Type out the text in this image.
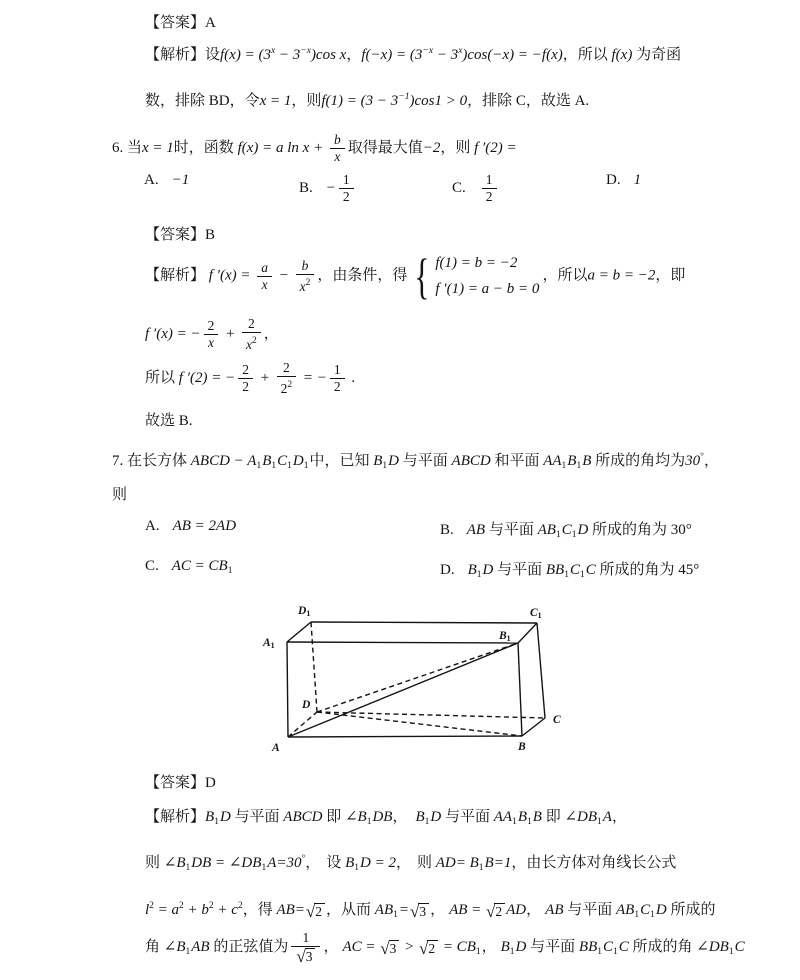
【答案】A
【解析】设$f(x) = (3^x - 3^{-x})\cos$ x，$f(-x) = (3^{-x} - 3^x)\cos(-x) = -f(x)$，所以 f(x) 为奇函
数，排除 BD，令x = 1，则$f(1) = (3 - 3^{-1})\cos 1 > 0$，排除 C，故选 A.
6. 当x = 1时，函数 f(x) = a $\ln x + \frac{b}{x}$ 取得最大值−2，则 f ′(2) =
A. −1	B. − $\frac{1}{2}$	C. $\frac{1}{2}$	D. 1
【答案】B
【解析】 f $'(x) = \frac{a}{x} - \frac{b}{x^2}$ ，由条件，得 { f(1) = b = −2
f ′(1) = a − b = 0
，所以a = b = −2，即
f ′(x) = − $\frac{2}{x} + \frac{2}{x^2}$ ，
所以 f ′(2) = − $\frac{2}{2} + \frac{2}{2^2}$ = − $\frac{1}{2}$ .
故选 B.
7. 在长方体 ABCD − $A_1B_1C_1D_1$中，已知 $B_1D$ 与平面 ABCD 和平面 $AA_1B_1B$ 所成的角均为30°，
则
A. AB = 2AD	B. AB 与平面 $AB_1C_1D$ 所成的角为 30°
C. AC = $CB_1$	D. $B_1D$ 与平面 $BB_1C_1C$ 所成的角为 45°
【答案】D
【解析】$B_1D$ 与平面 ABCD 即 $\angle B_1DB$， $B_1D$ 与平面 $AA_1B_1B$ 即 $\angle DB_1A$，
则 $\angle B_1DB$ = $\angle DB_1A=30^\circ$， 设 $B_1D = 2$， 则 $AD= B_1B=1$，由长方体对角线长公式
$l^2 = a^2 + b^2 + c^2$，得 AB= √ 2 ，从而 $AB_1=$ √ 3 ， AB = √ 2 AD， AB 与平面 $AB_1C_1D$ 所成的
角 $\angle B_1AB$ 的正弦值为 $\frac{1}{√ 3}$ ， AC = √ 3 > √ $2 = CB_1$， $B_1D$ 与平面 $BB_1C_1C$ 所成的角 $\angle DB_1C$
A	B
C
D
A1
B1
C1
D1
